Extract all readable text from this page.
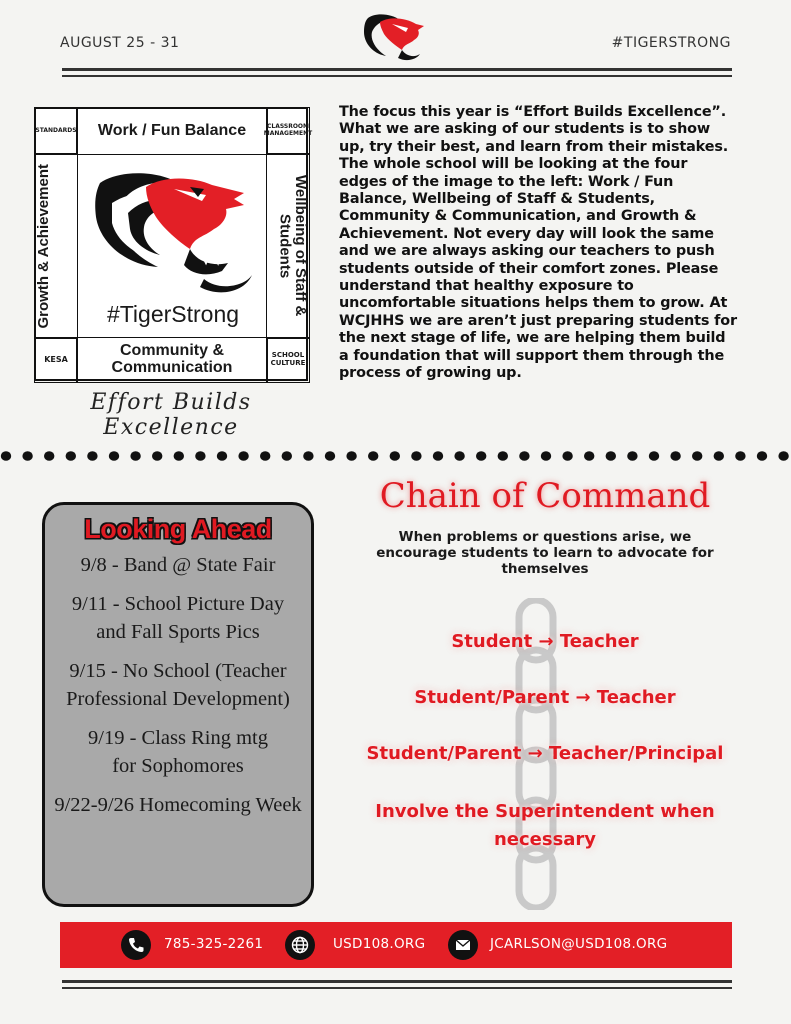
AUGUST 25 - 31	#TIGERSTRONG
STANDARDS Work / Fun Balance	CLASSROOM MANAGEMENT
Growth & Achievement	Wellbeing of Staff & Students
KESA	Community & Communication
SCHOOL CULTURE
#TigerStrong
Effort Builds Excellence

The focus this year is “Effort Builds Excellence”. What we are asking of our students is to show up, try their best, and learn from their mistakes. The whole school will be looking at the four edges of the image to the left: Work / Fun Balance, Wellbeing of Staff & Students, Community & Communication, and Growth & Achievement. Not every day will look the same and we are always asking our teachers to push students outside of their comfort zones. Please understand that healthy exposure to uncomfortable situations helps them to grow. At WCJHHS we are aren’t just preparing students for the next stage of life, we are helping them build a foundation that will support them through the process of growing up.

Looking Ahead
9/8 - Band @ State Fair
9/11 - School Picture Day and Fall Sports Pics
9/15 - No School (Teacher Professional Development)
9/19 - Class Ring mtg for Sophomores
9/22-9/26 Homecoming Week
Chain of Command
When problems or questions arise, we encourage students to learn to advocate for themselves
Student → Teacher
Student/Parent → Teacher
Student/Parent → Teacher/Principal
Involve the Superintendent when necessary
785-325-2261	USD108.ORG	JCARLSON@USD108.ORG
